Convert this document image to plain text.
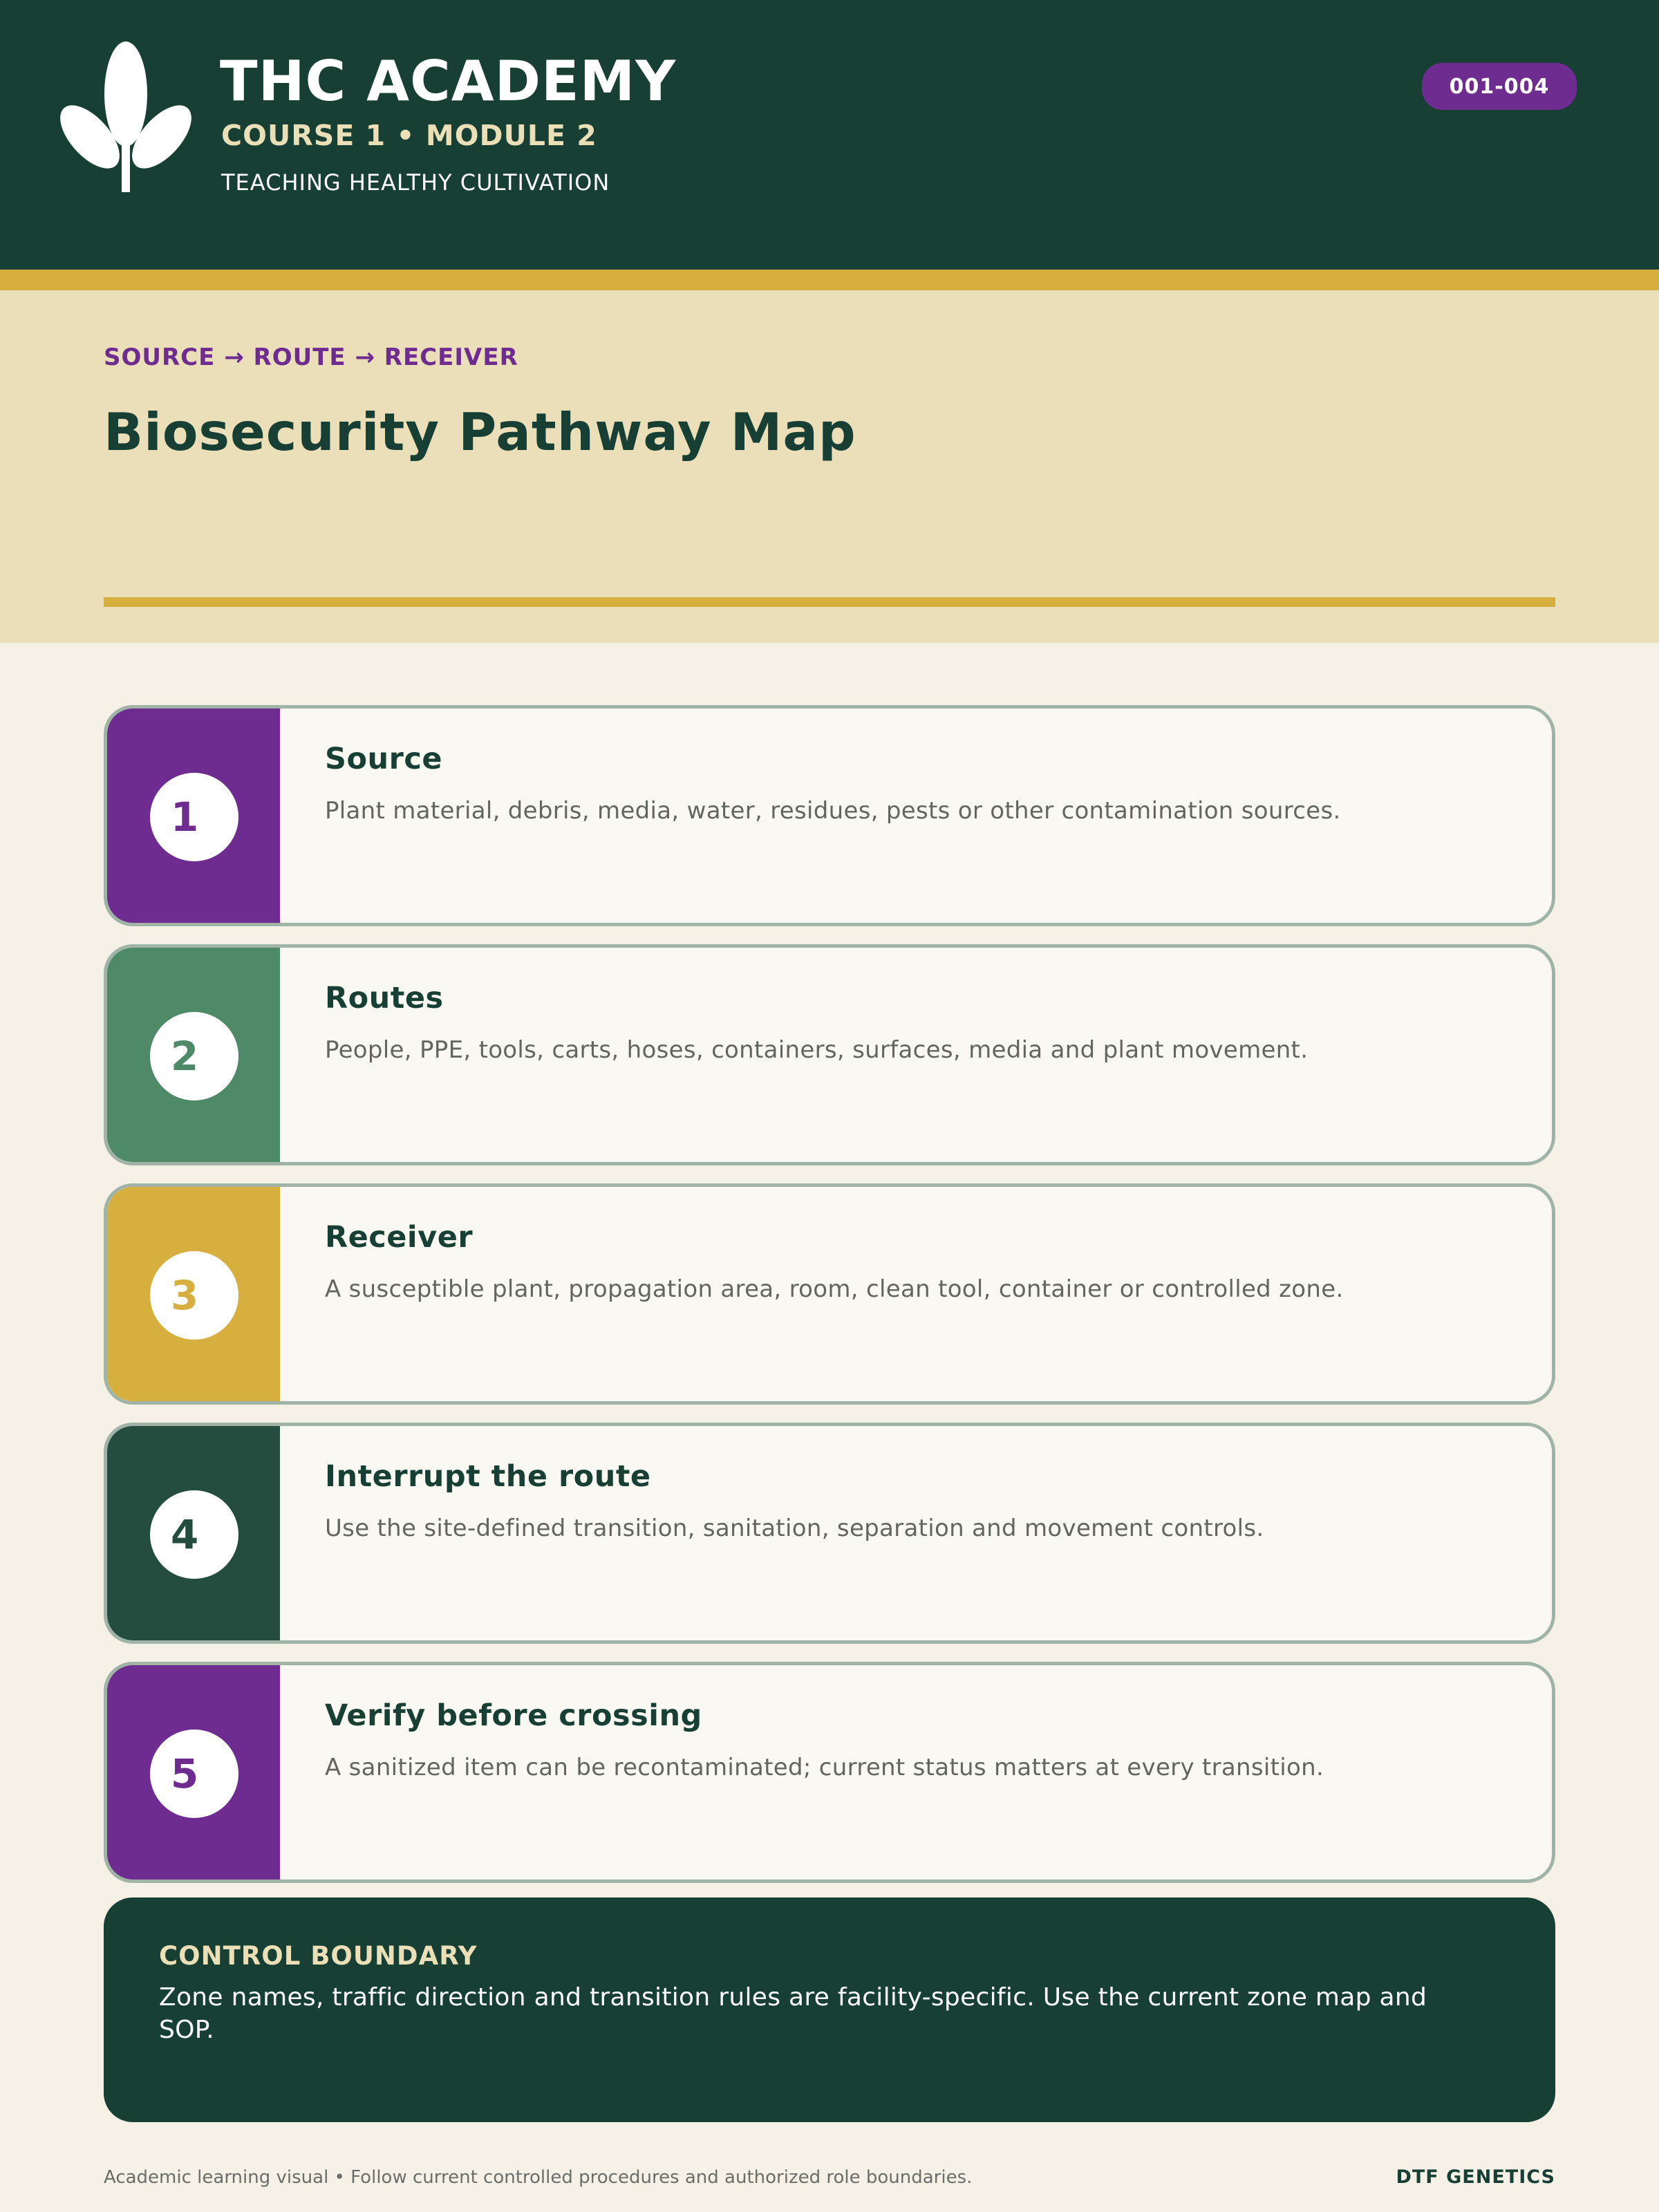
THC ACADEMY
COURSE 1 • MODULE 2
TEACHING HEALTHY CULTIVATION
001-004
SOURCE → ROUTE → RECEIVER
Biosecurity Pathway Map
1
Source
Plant material, debris, media, water, residues, pests or other contamination sources.
2
Routes
People, PPE, tools, carts, hoses, containers, surfaces, media and plant movement.
3
Receiver
A susceptible plant, propagation area, room, clean tool, container or controlled zone.
4
Interrupt the route
Use the site-defined transition, sanitation, separation and movement controls.
5
Verify before crossing
A sanitized item can be recontaminated; current status matters at every transition.
CONTROL BOUNDARY
Zone names, traffic direction and transition rules are facility-specific. Use the current zone map and SOP.
Academic learning visual • Follow current controlled procedures and authorized role boundaries.	DTF GENETICS
